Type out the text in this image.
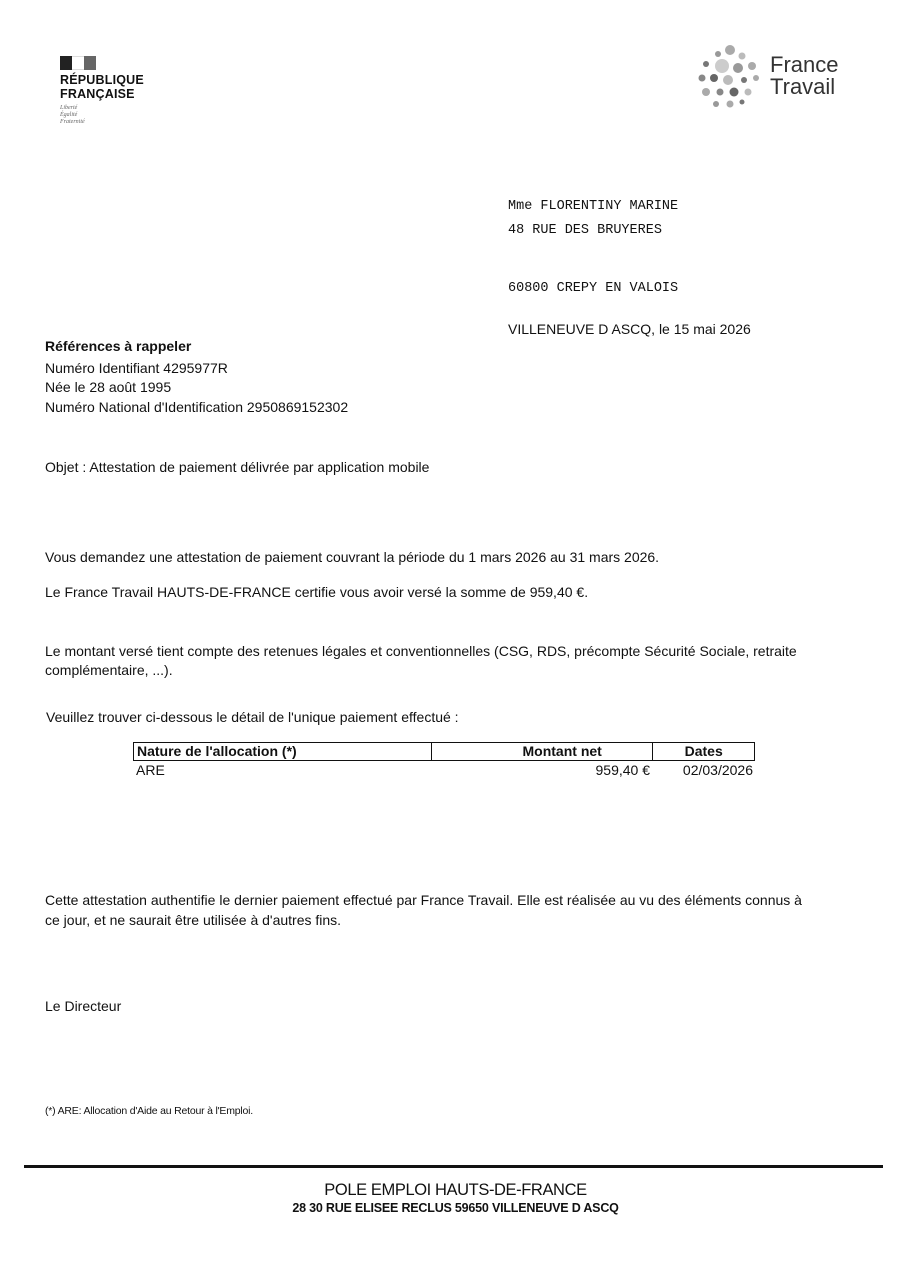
RÉPUBLIQUE
FRANÇAISE
Liberté
Égalité
Fraternité
France
Travail
Mme FLORENTINY MARINE
48 RUE DES BRUYERES
60800 CREPY EN VALOIS
VILLENEUVE D ASCQ, le 15 mai 2026
Références à rappeler
Numéro Identifiant 4295977R
Née le 28 août 1995
Numéro National d'Identification 2950869152302
Objet : Attestation de paiement délivrée par application mobile
Vous demandez une attestation de paiement couvrant la période du 1 mars 2026 au 31 mars 2026.
Le France Travail HAUTS-DE-FRANCE certifie vous avoir versé la somme de 959,40 €.
Le montant versé tient compte des retenues légales et conventionnelles (CSG, RDS, précompte Sécurité Sociale, retraite
complémentaire, ...).
Veuillez trouver ci-dessous le détail de l'unique paiement effectué :
Nature de l'allocation (*)	Montant net	Dates
ARE	959,40 €	02/03/2026
Cette attestation authentifie le dernier paiement effectué par France Travail. Elle est réalisée au vu des éléments connus à
ce jour, et ne saurait être utilisée à d'autres fins.
Le Directeur
(*) ARE: Allocation d'Aide au Retour à l'Emploi.
POLE EMPLOI HAUTS-DE-FRANCE
28 30 RUE ELISEE RECLUS 59650 VILLENEUVE D ASCQ
